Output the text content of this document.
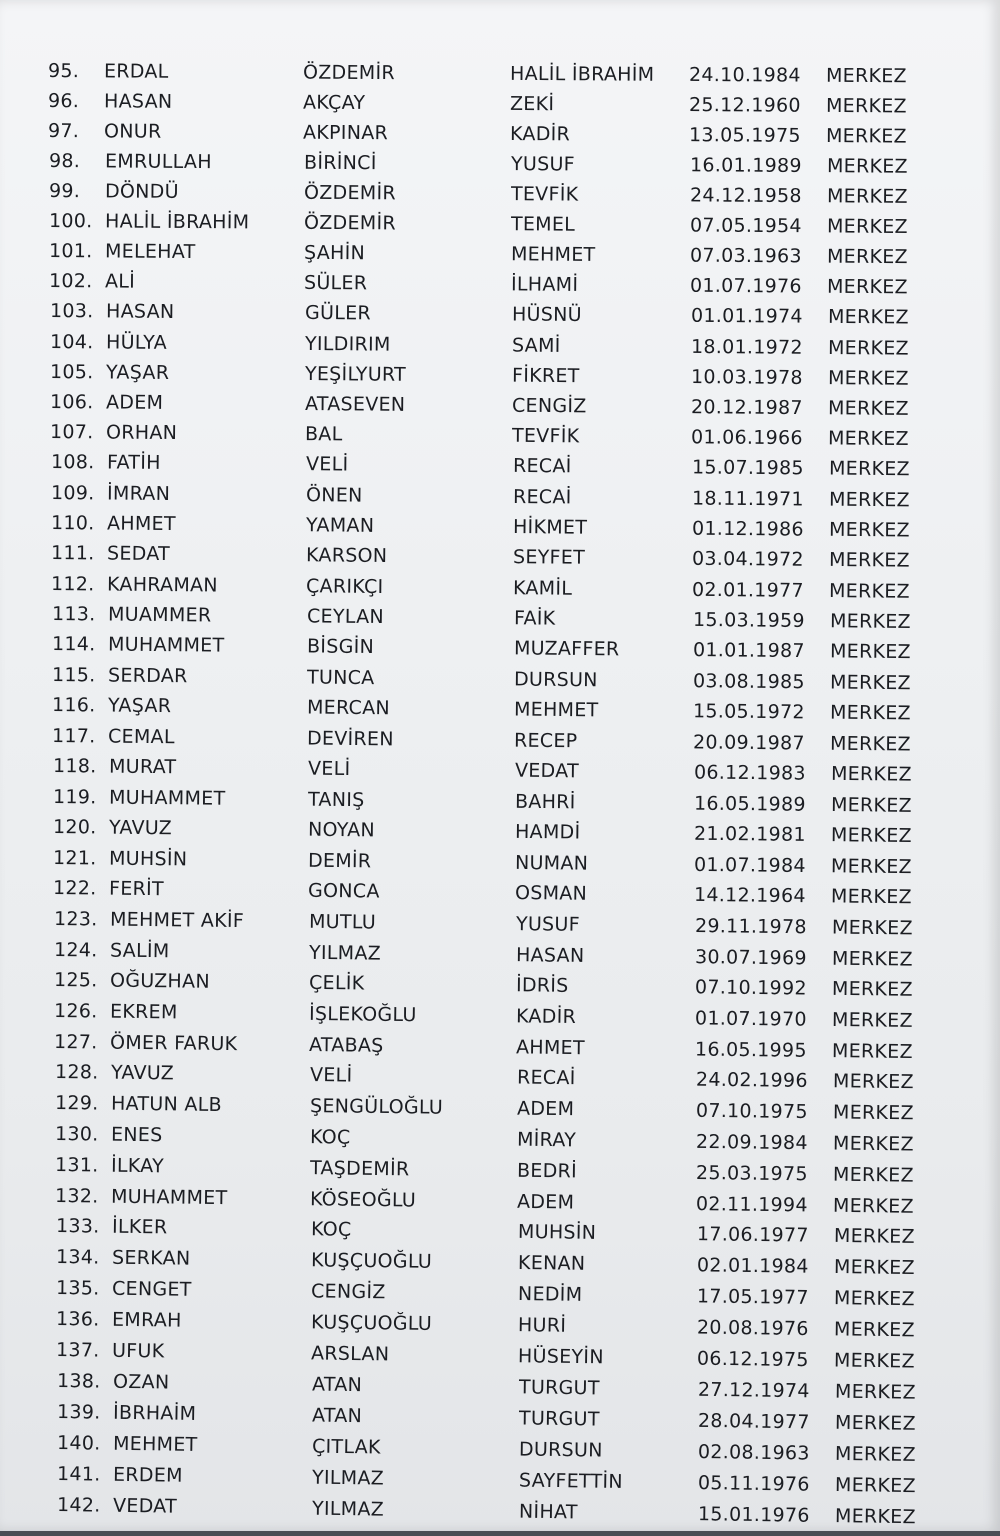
95. ERDAL	ÖZDEMİR	HALİL İBRAHİM 24.10.1984 MERKEZ
96. HASAN	AKÇAY	ZEKİ	25.12.1960 MERKEZ
97. ONUR	AKPINAR	KADİR	13.05.1975 MERKEZ
98. EMRULLAH	BİRİNCİ	YUSUF	16.01.1989 MERKEZ
99. DÖNDÜ	ÖZDEMİR	TEVFİK	24.12.1958 MERKEZ
100. HALİL İBRAHİM	ÖZDEMİR	TEMEL	07.05.1954 MERKEZ
101. MELEHAT	ŞAHİN	MEHMET	07.03.1963 MERKEZ
102. ALİ	SÜLER	İLHAMİ	01.07.1976 MERKEZ
103. HASAN	GÜLER	HÜSNÜ	01.01.1974 MERKEZ
104. HÜLYA	YILDIRIM	SAMİ	18.01.1972 MERKEZ
105. YAŞAR	YEŞİLYURT	FİKRET	10.03.1978 MERKEZ
106. ADEM	ATASEVEN	CENGİZ	20.12.1987 MERKEZ
107. ORHAN	BAL	TEVFİK	01.06.1966 MERKEZ
108. FATİH	VELİ	RECAİ	15.07.1985 MERKEZ
109. İMRAN	ÖNEN	RECAİ	18.11.1971 MERKEZ
110. AHMET	YAMAN	HİKMET	01.12.1986 MERKEZ
111. SEDAT	KARSON	SEYFET	03.04.1972 MERKEZ
112. KAHRAMAN	ÇARIKÇI	KAMİL	02.01.1977 MERKEZ
113. MUAMMER	CEYLAN	FAİK	15.03.1959 MERKEZ
114. MUHAMMET	BİSGİN	MUZAFFER	01.01.1987 MERKEZ
115. SERDAR	TUNCA	DURSUN	03.08.1985 MERKEZ
116. YAŞAR	MERCAN	MEHMET	15.05.1972 MERKEZ
117. CEMAL	DEVİREN	RECEP	20.09.1987 MERKEZ
118. MURAT	VELİ	VEDAT	06.12.1983 MERKEZ
119. MUHAMMET	TANIŞ	BAHRİ	16.05.1989 MERKEZ
120. YAVUZ	NOYAN	HAMDİ	21.02.1981 MERKEZ
121. MUHSİN	DEMİR	NUMAN	01.07.1984 MERKEZ
122. FERİT	GONCA	OSMAN	14.12.1964 MERKEZ
123. MEHMET AKİF	MUTLU	YUSUF	29.11.1978 MERKEZ
124. SALİM	YILMAZ	HASAN	30.07.1969 MERKEZ
125. OĞUZHAN	ÇELİK	İDRİS	07.10.1992 MERKEZ
126. EKREM	İŞLEKOĞLU	KADİR	01.07.1970 MERKEZ
127. ÖMER FARUK	ATABAŞ	AHMET	16.05.1995 MERKEZ
128. YAVUZ	VELİ	RECAİ	24.02.1996 MERKEZ
129. HATUN ALB	ŞENGÜLOĞLU	ADEM	07.10.1975 MERKEZ
130. ENES	KOÇ	MİRAY	22.09.1984 MERKEZ
131. İLKAY	TAŞDEMİR	BEDRİ	25.03.1975 MERKEZ
132. MUHAMMET	KÖSEOĞLU	ADEM	02.11.1994 MERKEZ
133. İLKER	KOÇ	MUHSİN	17.06.1977 MERKEZ
134. SERKAN	KUŞÇUOĞLU	KENAN	02.01.1984 MERKEZ
135. CENGET	CENGİZ	NEDİM	17.05.1977 MERKEZ
136. EMRAH	KUŞÇUOĞLU	HURİ	20.08.1976 MERKEZ
137. UFUK	ARSLAN	HÜSEYİN	06.12.1975 MERKEZ
138. OZAN	ATAN	TURGUT	27.12.1974 MERKEZ
139. İBRHAİM	ATAN	TURGUT	28.04.1977 MERKEZ
140. MEHMET	ÇITLAK	DURSUN	02.08.1963 MERKEZ
141. ERDEM	YILMAZ	SAYFETTİN	05.11.1976 MERKEZ
142. VEDAT	YILMAZ	NİHAT	15.01.1976 MERKEZ
